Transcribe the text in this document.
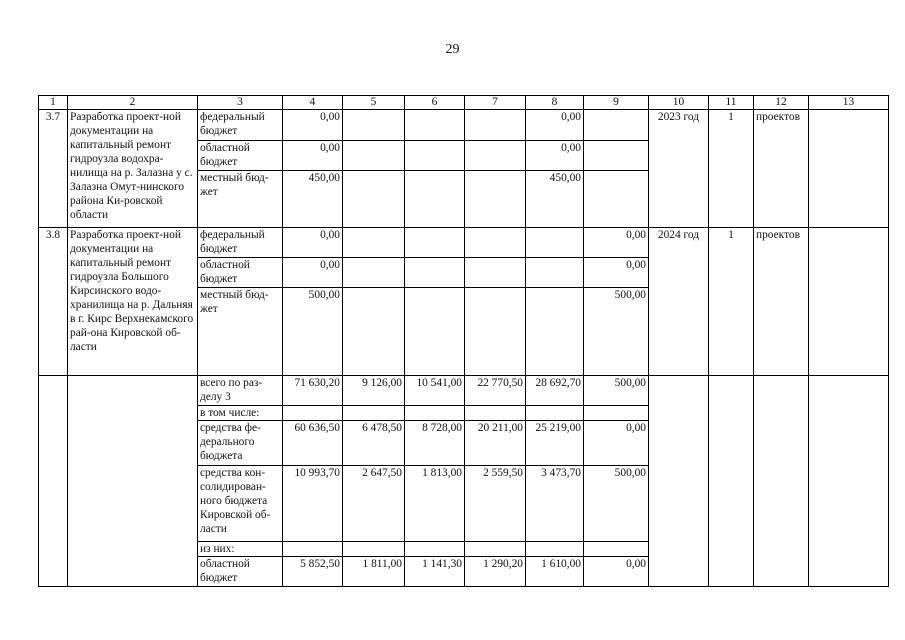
29
1	2	3	4	5	6	7	8	9	10	11	12	13
3.7	Разработка проект-ной документации на капитальный ремонт гидроузла водохра-нилища на р. Залазна у с. Залазна Омут-нинского района Ки-ровской области	федеральный бюджет	0,00				0,00		2023 год	1	проектов	
		областной бюджет	0,00				0,00					
		местный бюд-жет	450,00				450,00					
3.8	Разработка проект-ной документации на капитальный ремонт гидроузла Большого Кирсинского водо-хранилища на р. Дальняя в г. Кирс Верхнекамского рай-она Кировской об-ласти	федеральный бюджет	0,00					0,00	2024 год	1	проектов	
		областной бюджет	0,00					0,00				
		местный бюд-жет	500,00					500,00				
		всего по раз-делу 3	71 630,20	9 126,00	10 541,00	22 770,50	28 692,70	500,00				
		в том числе:										
		средства фе-дерального бюджета	60 636,50	6 478,50	8 728,00	20 211,00	25 219,00	0,00				
		средства кон-солидирован-ного бюджета Кировской об-ласти	10 993,70	2 647,50	1 813,00	2 559,50	3 473,70	500,00				
		из них:										
		областной бюджет	5 852,50	1 811,00	1 141,30	1 290,20	1 610,00	0,00				
